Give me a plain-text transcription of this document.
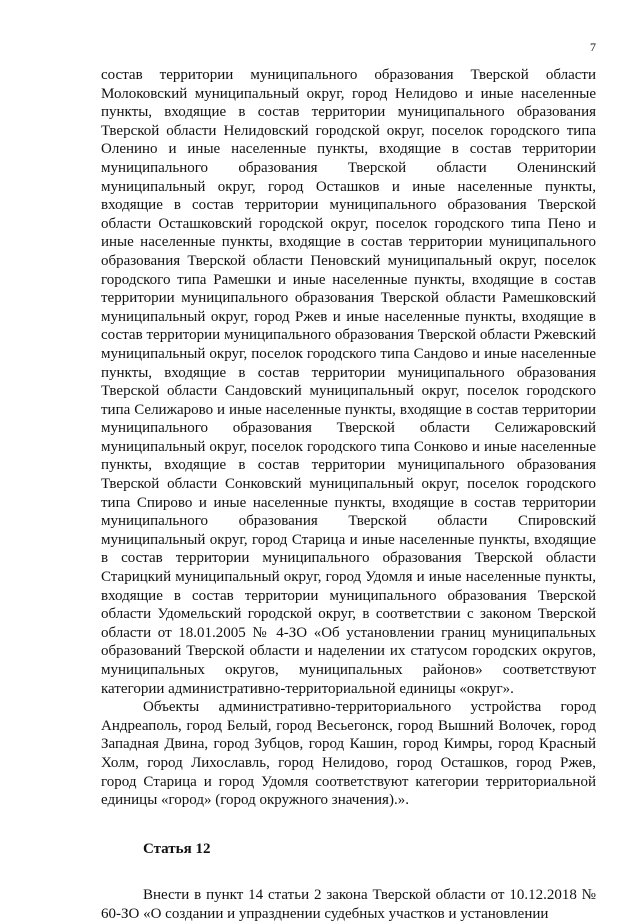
7

состав территории муниципального образования Тверской области Молоковский муниципальный округ, город Нелидово и иные населенные пункты, входящие в состав территории муниципального образования Тверской области Нелидовский городской округ, поселок городского типа Оленино и иные населенные пункты, входящие в состав территории муниципального образования Тверской области Оленинский муниципальный округ, город Осташков и иные населенные пункты, входящие в состав территории муниципального образования Тверской области Осташковский городской округ, поселок городского типа Пено и иные населенные пункты, входящие в состав территории муниципального образования Тверской области Пеновский муниципальный округ, поселок городского типа Рамешки и иные населенные пункты, входящие в состав территории муниципального образования Тверской области Рамешковский муниципальный округ, город Ржев и иные населенные пункты, входящие в состав территории муниципального образования Тверской области Ржевский муниципальный округ, поселок городского типа Сандово и иные населенные пункты, входящие в состав территории муниципального образования Тверской области Сандовский муниципальный округ, поселок городского типа Селижарово и иные населенные пункты, входящие в состав территории муниципального образования Тверской области Селижаровский муниципальный округ, поселок городского типа Сонково и иные населенные пункты, входящие в состав территории муниципального образования Тверской области Сонковский муниципальный округ, поселок городского типа Спирово и иные населенные пункты, входящие в состав территории муниципального образования Тверской области Спировский муниципальный округ, город Старица и иные населенные пункты, входящие в состав территории муниципального образования Тверской области Старицкий муниципальный округ, город Удомля и иные населенные пункты, входящие в состав территории муниципального образования Тверской области Удомельский городской округ, в соответствии с законом Тверской области от 18.01.2005 № 4-ЗО «Об установлении границ муниципальных образований Тверской области и наделении их статусом городских округов, муниципальных округов, муниципальных районов» соответствуют категории административно-территориальной единицы «округ».

Объекты административно-территориального устройства город Андреаполь, город Белый, город Весьегонск, город Вышний Волочек, город Западная Двина, город Зубцов, город Кашин, город Кимры, город Красный Холм, город Лихославль, город Нелидово, город Осташков, город Ржев, город Старица и город Удомля соответствуют категории территориальной единицы «город» (город окружного значения).».

Статья 12

Внести в пункт 14 статьи 2 закона Тверской области от 10.12.2018 № 60-ЗО «О создании и упразднении судебных участков и установлении
